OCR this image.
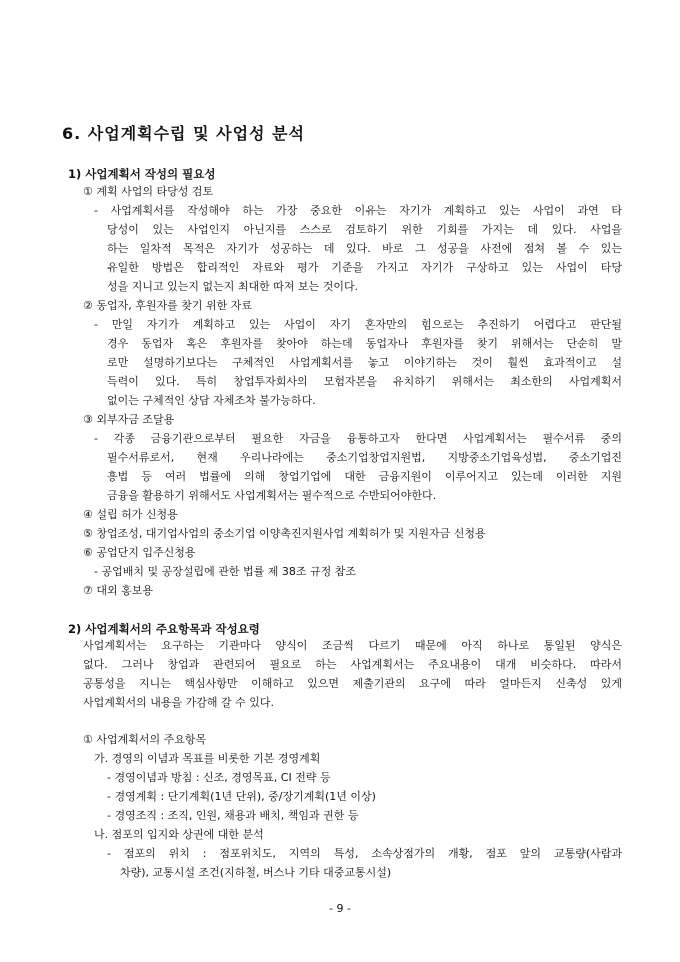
6. 사업계획수립 및 사업성 분석
1) 사업계획서 작성의 필요성

① 계획 사업의 타당성 검토

- 사업계획서를 작성해야 하는 가장 중요한 이유는 자기가 계획하고 있는 사업이 과연 타

당성이 있는 사업인지 아닌지를 스스로 검토하기 위한 기회를 가지는 데 있다. 사업을

하는 일차적 목적은 자기가 성공하는 데 있다. 바로 그 성공을 사전에 점쳐 볼 수 있는

유일한 방법은 합리적인 자료와 평가 기준을 가지고 자기가 구상하고 있는 사업이 타당

성을 지니고 있는지 없는지 최대한 따져 보는 것이다.

② 동업자, 후원자를 찾기 위한 자료

- 만일 자기가 계획하고 있는 사업이 자기 혼자만의 힘으로는 추진하기 어렵다고 판단될

경우 동업자 혹은 후원자를 찾아야 하는데 동업자나 후원자를 찾기 위해서는 단순히 말

로만 설명하기보다는 구체적인 사업계획서를 놓고 이야기하는 것이 훨씬 효과적이고 설

득력이 있다. 특히 창업투자회사의 모험자본을 유치하기 위해서는 최소한의 사업계획서

없이는 구체적인 상담 자체조차 불가능하다.

③ 외부자금 조달용

- 각종 금융기관으로부터 필요한 자금을 융통하고자 한다면 사업계획서는 필수서류 중의

필수서류로서, 현재 우리나라에는 중소기업창업지원법, 지방중소기업육성법, 중소기업진

흥법 등 여러 법률에 의해 창업기업에 대한 금융지원이 이루어지고 있는데 이러한 지원

금융을 활용하기 위해서도 사업계획서는 필수적으로 수반되어야한다.

④ 설립 허가 신청용

⑤ 창업조성, 대기업사업의 중소기업 이양촉진지원사업 계획허가 및 지원자금 신청용

⑥ 공업단지 입주신청용

- 공업배치 및 공장설립에 관한 법률 제 38조 규정 참조

⑦ 대외 홍보용

2) 사업계획서의 주요항목과 작성요령

사업계획서는 요구하는 기관마다 양식이 조금씩 다르기 때문에 아직 하나로 통일된 양식은

없다. 그러나 창업과 관련되어 필요로 하는 사업계획서는 주요내용이 대개 비슷하다. 따라서

공통성을 지니는 핵심사항만 이해하고 있으면 제출기관의 요구에 따라 얼마든지 신축성 있게

사업계획서의 내용을 가감해 갈 수 있다.

① 사업계획서의 주요항목

가. 경영의 이념과 목표를 비롯한 기본 경영계획

- 경영이념과 방침 : 신조, 경영목표, CI 전략 등

- 경영계획 : 단기계획(1년 단위), 중/장기계획(1년 이상)

- 경영조직 : 조직, 인원, 채용과 배치, 책임과 권한 등

나. 점포의 입지와 상권에 대한 분석

- 점포의 위치 : 점포위치도, 지역의 특성, 소속상점가의 개황, 점포 앞의 교통량(사람과

차량), 교통시설 조건(지하철, 버스나 기타 대중교통시설)

- 9 -
